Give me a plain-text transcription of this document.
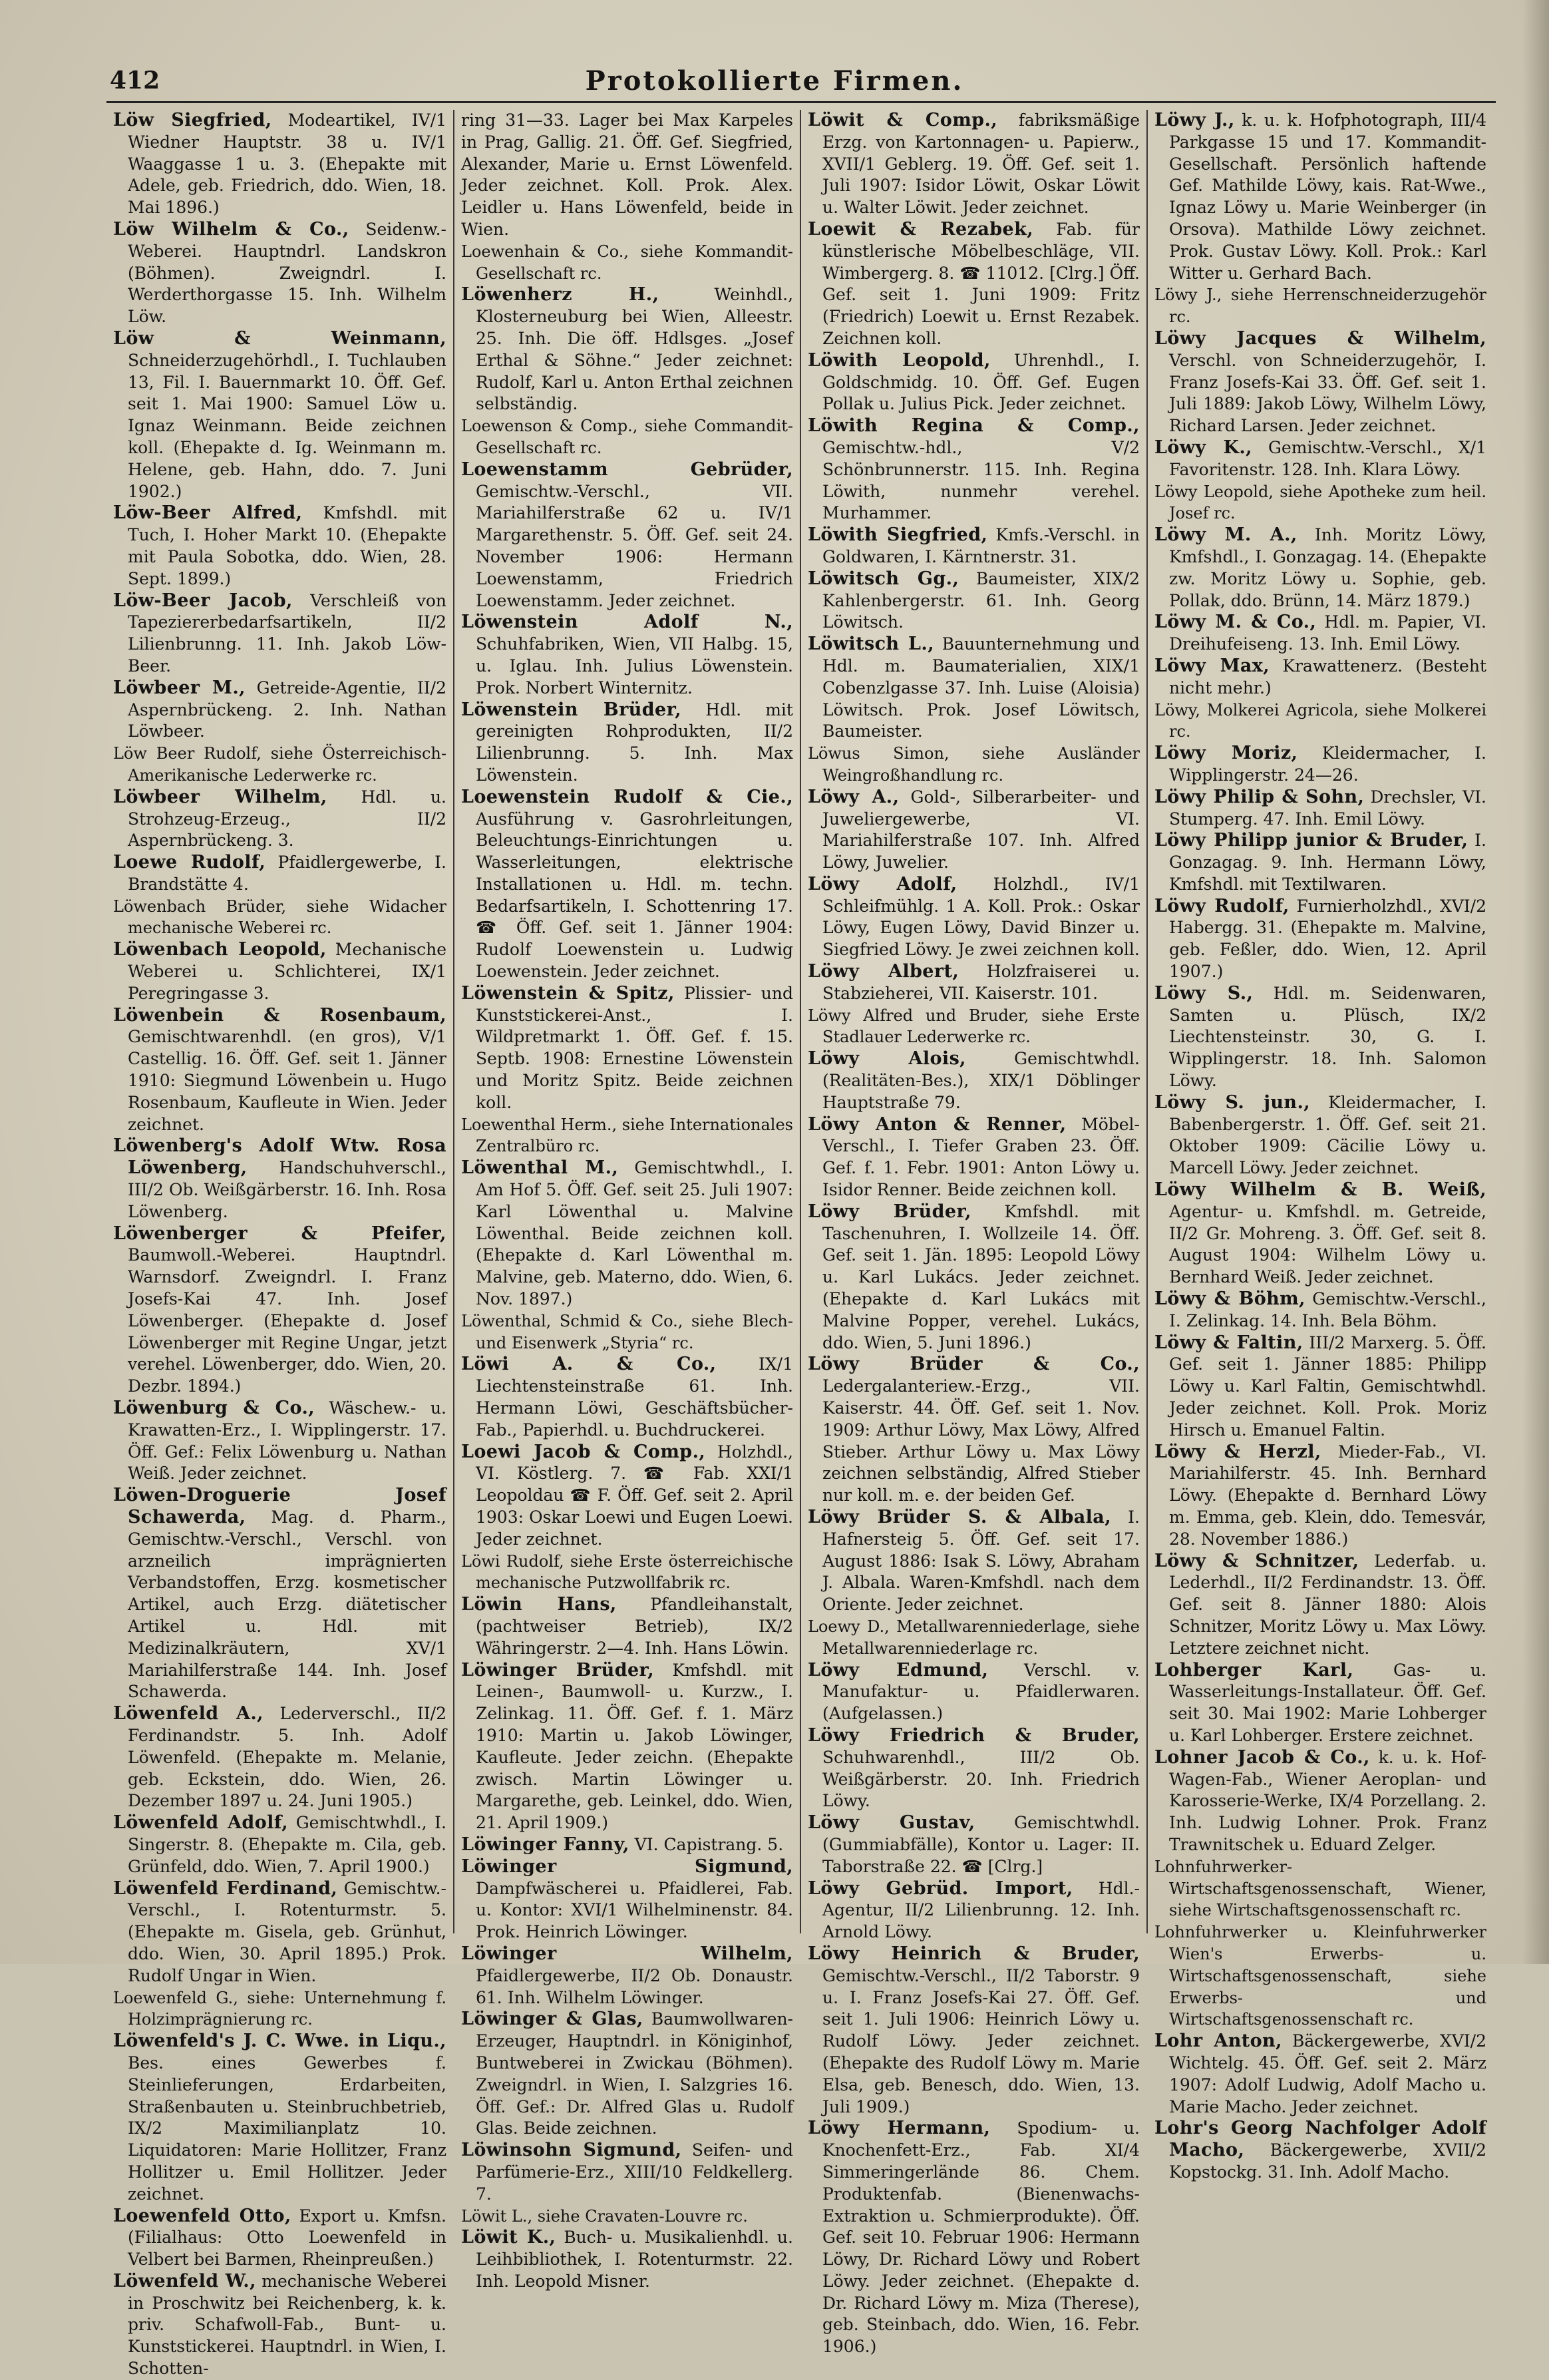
412	Protokollierte Firmen.

Löw Siegfried, Modeartikel, IV/1 Wiedner Hauptstr. 38 u. IV/1 Waaggasse 1 u. 3. (Ehepakte mit Adele, geb. Friedrich, ddo. Wien, 18. Mai 1896.)

Löw Wilhelm & Co., Seidenw.-Weberei. Hauptndrl. Landskron (Böhmen). Zweigndrl. I. Werderthorgasse 15. Inh. Wilhelm Löw.

Löw & Weinmann, Schneiderzugehörhdl., I. Tuchlauben 13, Fil. I. Bauernmarkt 10. Öff. Gef. seit 1. Mai 1900: Samuel Löw u. Ignaz Weinmann. Beide zeichnen koll. (Ehepakte d. Ig. Weinmann m. Helene, geb. Hahn, ddo. 7. Juni 1902.)

Löw-Beer Alfred, Kmfshdl. mit Tuch, I. Hoher Markt 10. (Ehepakte mit Paula Sobotka, ddo. Wien, 28. Sept. 1899.)

Löw-Beer Jacob, Verschleiß von Tapeziererbedarfsartikeln, II/2 Lilienbrunng. 11. Inh. Jakob Löw-Beer.

Löwbeer M., Getreide-Agentie, II/2 Aspernbrückeng. 2. Inh. Nathan Löwbeer.

Löw Beer Rudolf, siehe Österreichisch-Amerikanische Lederwerke rc.

Löwbeer Wilhelm, Hdl. u. Strohzeug-Erzeug., II/2 Aspernbrückeng. 3.

Loewe Rudolf, Pfaidlergewerbe, I. Brandstätte 4.

Löwenbach Brüder, siehe Widacher mechanische Weberei rc.

Löwenbach Leopold, Mechanische Weberei u. Schlichterei, IX/1 Peregringasse 3.

Löwenbein & Rosenbaum, Gemischtwarenhdl. (en gros), V/1 Castellig. 16. Öff. Gef. seit 1. Jänner 1910: Siegmund Löwenbein u. Hugo Rosenbaum, Kaufleute in Wien. Jeder zeichnet.

Löwenberg's Adolf Wtw. Rosa Löwenberg, Handschuhverschl., III/2 Ob. Weißgärberstr. 16. Inh. Rosa Löwenberg.

Löwenberger & Pfeifer, Baumwoll.-Weberei. Hauptndrl. Warnsdorf. Zweigndrl. I. Franz Josefs-Kai 47. Inh. Josef Löwenberger. (Ehepakte d. Josef Löwenberger mit Regine Ungar, jetzt verehel. Löwenberger, ddo. Wien, 20. Dezbr. 1894.)

Löwenburg & Co., Wäschew.- u. Krawatten-Erz., I. Wipplingerstr. 17. Öff. Gef.: Felix Löwenburg u. Nathan Weiß. Jeder zeichnet.

Löwen-Droguerie Josef Schawerda, Mag. d. Pharm., Gemischtw.-Verschl., Verschl. von arzneilich imprägnierten Verbandstoffen, Erzg. kosmetischer Artikel, auch Erzg. diätetischer Artikel u. Hdl. mit Medizinalkräutern, XV/1 Mariahilferstraße 144. Inh. Josef Schawerda.

Löwenfeld A., Lederverschl., II/2 Ferdinandstr. 5. Inh. Adolf Löwenfeld. (Ehepakte m. Melanie, geb. Eckstein, ddo. Wien, 26. Dezember 1897 u. 24. Juni 1905.)

Löwenfeld Adolf, Gemischtwhdl., I. Singerstr. 8. (Ehepakte m. Cila, geb. Grünfeld, ddo. Wien, 7. April 1900.)

Löwenfeld Ferdinand, Gemischtw.-Verschl., I. Rotenturmstr. 5. (Ehepakte m. Gisela, geb. Grünhut, ddo. Wien, 30. April 1895.) Prok. Rudolf Ungar in Wien.

Loewenfeld G., siehe: Unternehmung f. Holzimprägnierung rc.

Löwenfeld's J. C. Wwe. in Liqu., Bes. eines Gewerbes f. Steinlieferungen, Erdarbeiten, Straßenbauten u. Steinbruchbetrieb, IX/2 Maximilianplatz 10. Liquidatoren: Marie Hollitzer, Franz Hollitzer u. Emil Hollitzer. Jeder zeichnet.

Loewenfeld Otto, Export u. Kmfsn. (Filialhaus: Otto Loewenfeld in Velbert bei Barmen, Rheinpreußen.)

Löwenfeld W., mechanische Weberei in Proschwitz bei Reichenberg, k. k. priv. Schafwoll-Fab., Bunt- u. Kunststickerei. Hauptndrl. in Wien, I. Schotten-

ring 31—33. Lager bei Max Karpeles in Prag, Gallig. 21. Öff. Gef. Siegfried, Alexander, Marie u. Ernst Löwenfeld. Jeder zeichnet. Koll. Prok. Alex. Leidler u. Hans Löwenfeld, beide in Wien.

Loewenhain & Co., siehe Kommandit-Gesellschaft rc.

Löwenherz H.,	Weinhdl., Klosterneuburg bei Wien, Alleestr. 25. Inh. Die öff. Hdlsges. „Josef Erthal & Söhne.“ Jeder zeichnet: Rudolf, Karl u. Anton Erthal zeichnen selbständig.

Loewenson & Comp., siehe Commandit-Gesellschaft rc.

Loewenstamm Gebrüder, Gemischtw.-Verschl., VII. Mariahilferstraße 62 u. IV/1 Margarethenstr. 5. Öff. Gef. seit 24. November 1906: Hermann Loewenstamm, Friedrich Loewenstamm. Jeder zeichnet.

Löwenstein Adolf N., Schuhfabriken, Wien, VII Halbg. 15, u. Iglau. Inh. Julius Löwenstein. Prok. Norbert Winternitz.

Löwenstein Brüder, Hdl. mit gereinigten Rohprodukten, II/2 Lilienbrunng. 5. Inh. Max Löwenstein.

Loewenstein Rudolf & Cie., Ausführung v. Gasrohrleitungen, Beleuchtungs-Einrichtungen u. Wasserleitungen, elektrische Installationen u. Hdl. m. techn. Bedarfsartikeln, I. Schottenring 17. ☎ Öff. Gef. seit 1. Jänner 1904: Rudolf Loewenstein u. Ludwig Loewenstein. Jeder zeichnet.

Löwenstein & Spitz, Plissier- und Kunststickerei-Anst., I. Wildpretmarkt 1. Öff. Gef. f. 15. Septb. 1908: Ernestine Löwenstein und Moritz Spitz. Beide zeichnen koll.

Loewenthal Herm., siehe Internationales Zentralbüro rc.

Löwenthal M., Gemischtwhdl., I. Am Hof 5. Öff. Gef. seit 25. Juli 1907: Karl Löwenthal u. Malvine Löwenthal. Beide zeichnen koll. (Ehepakte d. Karl Löwenthal m. Malvine, geb. Materno, ddo. Wien, 6. Nov. 1897.)

Löwenthal, Schmid & Co., siehe Blech- und Eisenwerk „Styria“ rc.

Löwi A. & Co.,	IX/1 Liechtensteinstraße 61. Inh. Hermann Löwi, Geschäftsbücher-Fab., Papierhdl. u. Buchdruckerei.

Loewi Jacob & Comp., Holzhdl., VI. Köstlerg. 7. ☎ Fab. XXI/1 Leopoldau ☎ F. Öff. Gef. seit 2. April 1903: Oskar Loewi und Eugen Loewi. Jeder zeichnet.

Löwi Rudolf, siehe Erste österreichische mechanische Putzwollfabrik rc.

Löwin Hans, Pfandleihanstalt, (pachtweiser Betrieb), IX/2 Währingerstr. 2—4. Inh. Hans Löwin.

Löwinger Brüder, Kmfshdl. mit Leinen-, Baumwoll- u. Kurzw., I. Zelinkag. 11. Öff. Gef. f. 1. März 1910: Martin u. Jakob Löwinger, Kaufleute. Jeder zeichn. (Ehepakte zwisch. Martin Löwinger u. Margarethe, geb. Leinkel, ddo. Wien, 21. April 1909.)

Löwinger Fanny, VI. Capistrang. 5.

Löwinger Sigmund, Dampfwäscherei u. Pfaidlerei, Fab. u. Kontor: XVI/1 Wilhelminenstr. 84. Prok. Heinrich Löwinger.

Löwinger Wilhelm, Pfaidlergewerbe, II/2 Ob. Donaustr. 61. Inh. Wilhelm Löwinger.

Löwinger & Glas, Baumwollwaren-Erzeuger, Hauptndrl. in Königinhof, Buntweberei in Zwickau (Böhmen). Zweigndrl. in Wien, I. Salzgries 16. Öff. Gef.: Dr. Alfred Glas u. Rudolf Glas. Beide zeichnen.

Löwinsohn Sigmund, Seifen- und Parfümerie-Erz., XIII/10 Feldkellerg. 7.

Löwit L., siehe Cravaten-Louvre rc.

Löwit K., Buch- u. Musikalienhdl. u. Leihbibliothek, I. Rotenturmstr. 22. Inh. Leopold Misner.

Löwit & Comp., fabriksmäßige Erzg. von Kartonnagen- u. Papierw., XVII/1 Geblerg. 19. Öff. Gef. seit 1. Juli 1907: Isidor Löwit, Oskar Löwit u. Walter Löwit. Jeder zeichnet.

Loewit & Rezabek, Fab. für künstlerische Möbelbeschläge, VII. Wimbergerg. 8. ☎ 11012. [Clrg.] Öff. Gef. seit 1. Juni 1909: Fritz (Friedrich) Loewit u. Ernst Rezabek. Zeichnen koll.

Löwith Leopold, Uhrenhdl., I. Goldschmidg. 10. Öff. Gef. Eugen Pollak u. Julius Pick. Jeder zeichnet.

Löwith Regina & Comp., Gemischtw.-hdl., V/2 Schönbrunnerstr. 115. Inh. Regina Löwith, nunmehr verehel. Murhammer.

Löwith Siegfried, Kmfs.-Verschl. in Goldwaren, I. Kärntnerstr. 31.

Löwitsch Gg., Baumeister, XIX/2 Kahlenbergerstr. 61. Inh. Georg Löwitsch.

Löwitsch L., Bauunternehmung und Hdl. m. Baumaterialien, XIX/1 Cobenzlgasse 37. Inh. Luise (Aloisia) Löwitsch. Prok. Josef Löwitsch, Baumeister.

Löwus Simon, siehe Ausländer Weingroßhandlung rc.

Löwy A., Gold-, Silberarbeiter- und Juweliergewerbe, VI. Mariahilferstraße 107. Inh. Alfred Löwy, Juwelier.

Löwy Adolf, Holzhdl., IV/1 Schleifmühlg. 1 A. Koll. Prok.: Oskar Löwy, Eugen Löwy, David Binzer u. Siegfried Löwy. Je zwei zeichnen koll.

Löwy Albert, Holzfraiserei u. Stabzieherei, VII. Kaiserstr. 101.

Löwy Alfred und Bruder, siehe Erste Stadlauer Lederwerke rc.

Löwy Alois,	Gemischtwhdl. (Realitäten-Bes.), XIX/1 Döblinger Hauptstraße 79.

Löwy Anton & Renner, Möbel-Verschl., I. Tiefer Graben 23. Öff. Gef. f. 1. Febr. 1901: Anton Löwy u. Isidor Renner. Beide zeichnen koll.

Löwy Brüder, Kmfshdl. mit Taschenuhren, I. Wollzeile 14. Öff. Gef. seit 1. Jän. 1895: Leopold Löwy u. Karl Lukács. Jeder zeichnet. (Ehepakte d. Karl Lukács mit Malvine Popper, verehel. Lukács, ddo. Wien, 5. Juni 1896.)

Löwy Brüder & Co., Ledergalanteriew.-Erzg., VII. Kaiserstr. 44. Öff. Gef. seit 1. Nov. 1909: Arthur Löwy, Max Löwy, Alfred Stieber. Arthur Löwy u. Max Löwy zeichnen selbständig, Alfred Stieber nur koll. m. e. der beiden Gef.

Löwy Brüder S. & Albala, I. Hafnersteig 5. Öff. Gef. seit 17. August 1886: Isak S. Löwy, Abraham J. Albala. Waren-Kmfshdl. nach dem Oriente. Jeder zeichnet.

Loewy D., Metallwarenniederlage, siehe Metallwarenniederlage rc.

Löwy Edmund, Verschl. v. Manufaktur- u. Pfaidlerwaren. (Aufgelassen.)

Löwy Friedrich & Bruder, Schuhwarenhdl., III/2 Ob. Weißgärberstr. 20. Inh. Friedrich Löwy.

Löwy Gustav, Gemischtwhdl. (Gummiabfälle), Kontor u. Lager: II. Taborstraße 22. ☎ [Clrg.]

Löwy Gebrüd. Import, Hdl.-Agentur, II/2 Lilienbrunng. 12. Inh. Arnold Löwy.

Löwy Heinrich & Bruder, Gemischtw.-Verschl., II/2 Taborstr. 9 u. I. Franz Josefs-Kai 27. Öff. Gef. seit 1. Juli 1906: Heinrich Löwy u. Rudolf Löwy. Jeder zeichnet. (Ehepakte des Rudolf Löwy m. Marie Elsa, geb. Benesch, ddo. Wien, 13. Juli 1909.)

Löwy Hermann, Spodium- u. Knochenfett-Erz., Fab. XI/4 Simmeringerlände 86. Chem. Produktenfab. (Bienenwachs-Extraktion u. Schmierprodukte). Öff. Gef. seit 10. Februar 1906: Hermann Löwy, Dr. Richard Löwy und Robert Löwy. Jeder zeichnet. (Ehepakte d. Dr. Richard Löwy m. Miza (Therese), geb. Steinbach, ddo. Wien, 16. Febr. 1906.)

Löwy J., k. u. k. Hofphotograph, III/4 Parkgasse 15 und 17. Kommandit-Gesellschaft. Persönlich haftende Gef. Mathilde Löwy, kais. Rat-Wwe., Ignaz Löwy u. Marie Weinberger (in Orsova). Mathilde Löwy zeichnet. Prok. Gustav Löwy. Koll. Prok.: Karl Witter u. Gerhard Bach.

Löwy J., siehe Herrenschneiderzugehör rc.

Löwy Jacques & Wilhelm, Verschl. von Schneiderzugehör, I. Franz Josefs-Kai 33. Öff. Gef. seit 1. Juli 1889: Jakob Löwy, Wilhelm Löwy, Richard Larsen. Jeder zeichnet.

Löwy K., Gemischtw.-Verschl., X/1 Favoritenstr. 128. Inh. Klara Löwy.

Löwy Leopold, siehe Apotheke zum heil. Josef rc.

Löwy M. A., Inh. Moritz Löwy, Kmfshdl., I. Gonzagag. 14. (Ehepakte zw. Moritz Löwy u. Sophie, geb. Pollak, ddo. Brünn, 14. März 1879.)

Löwy M. & Co., Hdl. m. Papier, VI. Dreihufeiseng. 13. Inh. Emil Löwy.

Löwy Max, Krawattenerz. (Besteht nicht mehr.)

Löwy, Molkerei Agricola, siehe Molkerei rc.

Löwy Moriz, Kleidermacher, I. Wipplingerstr. 24—26.

Löwy Philip & Sohn, Drechsler, VI. Stumperg. 47. Inh. Emil Löwy.

Löwy Philipp junior & Bruder, I. Gonzagag. 9. Inh. Hermann Löwy, Kmfshdl. mit Textilwaren.

Löwy Rudolf, Furnierholzhdl., XVI/2 Habergg. 31. (Ehepakte m. Malvine, geb. Feßler, ddo. Wien, 12. April 1907.)

Löwy S., Hdl. m. Seidenwaren, Samten u. Plüsch, IX/2 Liechtensteinstr. 30, G. I. Wipplingerstr. 18. Inh. Salomon Löwy.

Löwy S. jun., Kleidermacher, I. Babenbergerstr. 1. Öff. Gef. seit 21. Oktober 1909: Cäcilie Löwy u. Marcell Löwy. Jeder zeichnet.

Löwy Wilhelm & B. Weiß, Agentur- u. Kmfshdl. m. Getreide, II/2 Gr. Mohreng. 3. Öff. Gef. seit 8. August 1904: Wilhelm Löwy u. Bernhard Weiß. Jeder zeichnet.

Löwy & Böhm, Gemischtw.-Verschl., I. Zelinkag. 14. Inh. Bela Böhm.

Löwy & Faltin, III/2 Marxerg. 5. Öff. Gef. seit 1. Jänner 1885: Philipp Löwy u. Karl Faltin, Gemischtwhdl. Jeder zeichnet. Koll. Prok. Moriz Hirsch u. Emanuel Faltin.

Löwy & Herzl, Mieder-Fab., VI. Mariahilferstr. 45. Inh. Bernhard Löwy. (Ehepakte d. Bernhard Löwy m. Emma, geb. Klein, ddo. Temesvár, 28. November 1886.)

Löwy & Schnitzer, Lederfab. u. Lederhdl., II/2 Ferdinandstr. 13. Öff. Gef. seit 8. Jänner 1880: Alois Schnitzer, Moritz Löwy u. Max Löwy. Letztere zeichnet nicht.

Lohberger Karl, Gas- u. Wasserleitungs-Installateur. Öff. Gef. seit 30. Mai 1902: Marie Lohberger u. Karl Lohberger. Erstere zeichnet.

Lohner Jacob & Co., k. u. k. Hof-Wagen-Fab., Wiener Aeroplan- und Karosserie-Werke, IX/4 Porzellang. 2. Inh. Ludwig Lohner. Prok. Franz Trawnitschek u. Eduard Zelger.

Lohnfuhrwerker-Wirtschaftsgenossenschaft, Wiener, siehe Wirtschaftsgenossenschaft rc.

Lohnfuhrwerker u. Kleinfuhrwerker Wien's Erwerbs- u. Wirtschaftsgenossenschaft, siehe Erwerbs- und Wirtschaftsgenossenschaft rc.

Lohr Anton, Bäckergewerbe, XVI/2 Wichtelg. 45. Öff. Gef. seit 2. März 1907: Adolf Ludwig, Adolf Macho u. Marie Macho. Jeder zeichnet.

Lohr's Georg Nachfolger Adolf Macho, Bäckergewerbe, XVII/2 Kopstockg. 31. Inh. Adolf Macho.
